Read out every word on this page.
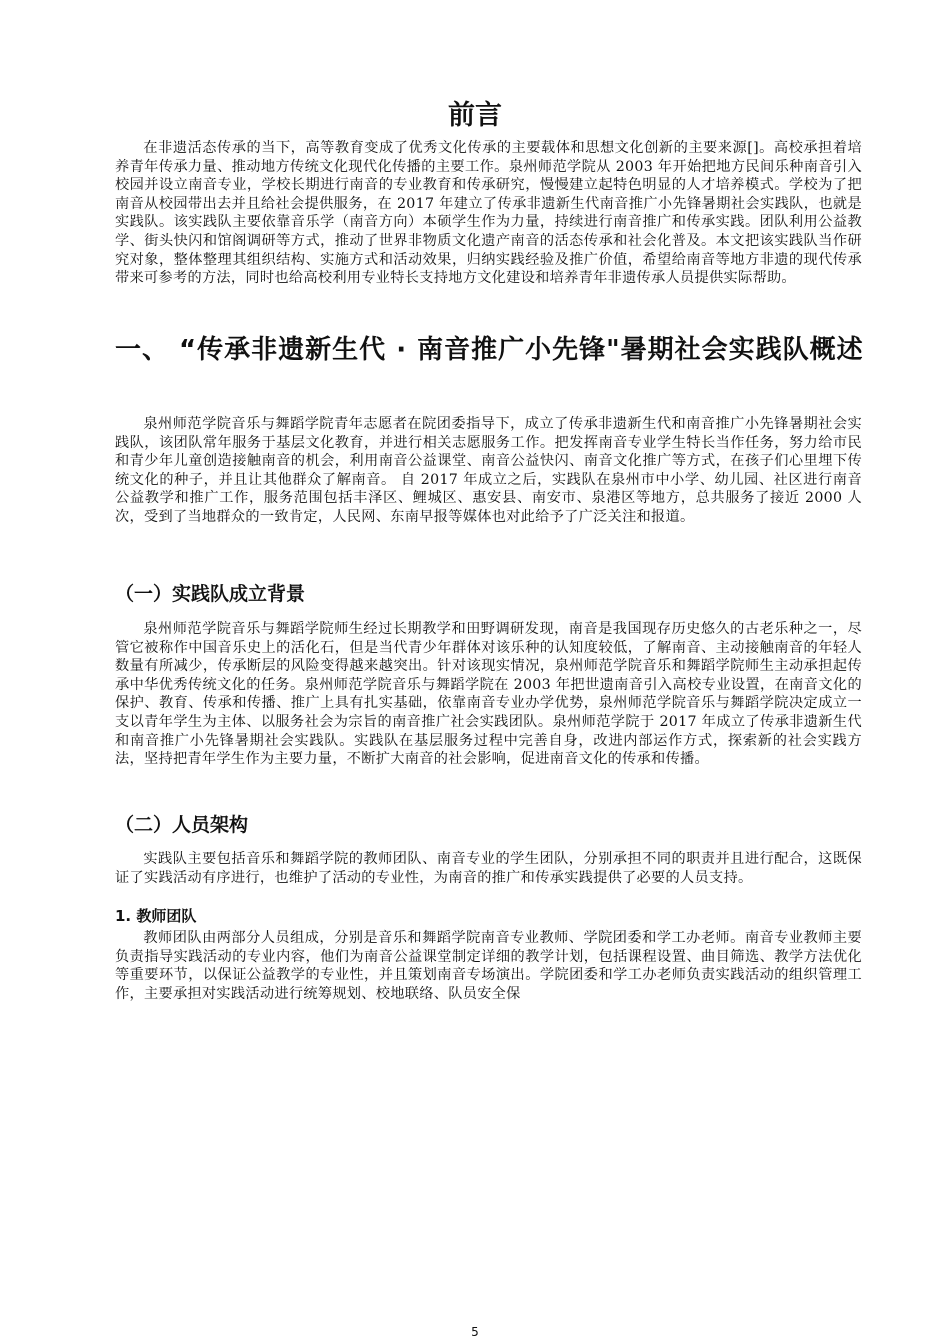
前言

在非遗活态传承的当下，高等教育变成了优秀文化传承的主要载体和思想文化创新的主要来源[]。高校承担着培养青年传承力量、推动地方传统文化现代化传播的主要工作。泉州师范学院从 2003 年开始把地方民间乐种南音引入校园并设立南音专业，学校长期进行南音的专业教育和传承研究，慢慢建立起特色明显的人才培养模式。学校为了把南音从校园带出去并且给社会提供服务，在 2017 年建立了传承非遗新生代南音推广小先锋暑期社会实践队，也就是实践队。该实践队主要依靠音乐学（南音方向）本硕学生作为力量，持续进行南音推广和传承实践。团队利用公益教学、街头快闪和馆阁调研等方式，推动了世界非物质文化遗产南音的活态传承和社会化普及。本文把该实践队当作研究对象，整体整理其组织结构、实施方式和活动效果，归纳实践经验及推广价值，希望给南音等地方非遗的现代传承带来可参考的方法，同时也给高校利用专业特长支持地方文化建设和培养青年非遗传承人员提供实际帮助。

一、 “传承非遗新生代 · 南音推广小先锋"暑期社会实践队概述

泉州师范学院音乐与舞蹈学院青年志愿者在院团委指导下，成立了传承非遗新生代和南音推广小先锋暑期社会实践队，该团队常年服务于基层文化教育，并进行相关志愿服务工作。把发挥南音专业学生特长当作任务，努力给市民和青少年儿童创造接触南音的机会，利用南音公益课堂、南音公益快闪、南音文化推广等方式，在孩子们心里埋下传统文化的种子，并且让其他群众了解南音。 自 2017 年成立之后，实践队在泉州市中小学、幼儿园、社区进行南音公益教学和推广工作，服务范围包括丰泽区、鲤城区、惠安县、南安市、泉港区等地方，总共服务了接近 2000 人次，受到了当地群众的一致肯定，人民网、东南早报等媒体也对此给予了广泛关注和报道。

（一）实践队成立背景

泉州师范学院音乐与舞蹈学院师生经过长期教学和田野调研发现，南音是我国现存历史悠久的古老乐种之一，尽管它被称作中国音乐史上的活化石，但是当代青少年群体对该乐种的认知度较低，了解南音、主动接触南音的年轻人数量有所减少，传承断层的风险变得越来越突出。针对该现实情况，泉州师范学院音乐和舞蹈学院师生主动承担起传承中华优秀传统文化的任务。泉州师范学院音乐与舞蹈学院在 2003 年把世遗南音引入高校专业设置，在南音文化的保护、教育、传承和传播、推广上具有扎实基础，依靠南音专业办学优势，泉州师范学院音乐与舞蹈学院决定成立一支以青年学生为主体、以服务社会为宗旨的南音推广社会实践团队。泉州师范学院于 2017 年成立了传承非遗新生代和南音推广小先锋暑期社会实践队。实践队在基层服务过程中完善自身，改进内部运作方式，探索新的社会实践方法，坚持把青年学生作为主要力量，不断扩大南音的社会影响，促进南音文化的传承和传播。

（二）人员架构

实践队主要包括音乐和舞蹈学院的教师团队、南音专业的学生团队，分别承担不同的职责并且进行配合，这既保证了实践活动有序进行，也维护了活动的专业性，为南音的推广和传承实践提供了必要的人员支持。

1. 教师团队

教师团队由两部分人员组成，分别是音乐和舞蹈学院南音专业教师、学院团委和学工办老师。南音专业教师主要负责指导实践活动的专业内容，他们为南音公益课堂制定详细的教学计划，包括课程设置、曲目筛选、教学方法优化等重要环节，以保证公益教学的专业性，并且策划南音专场演出。学院团委和学工办老师负责实践活动的组织管理工作，主要承担对实践活动进行统筹规划、校地联络、队员安全保

5
